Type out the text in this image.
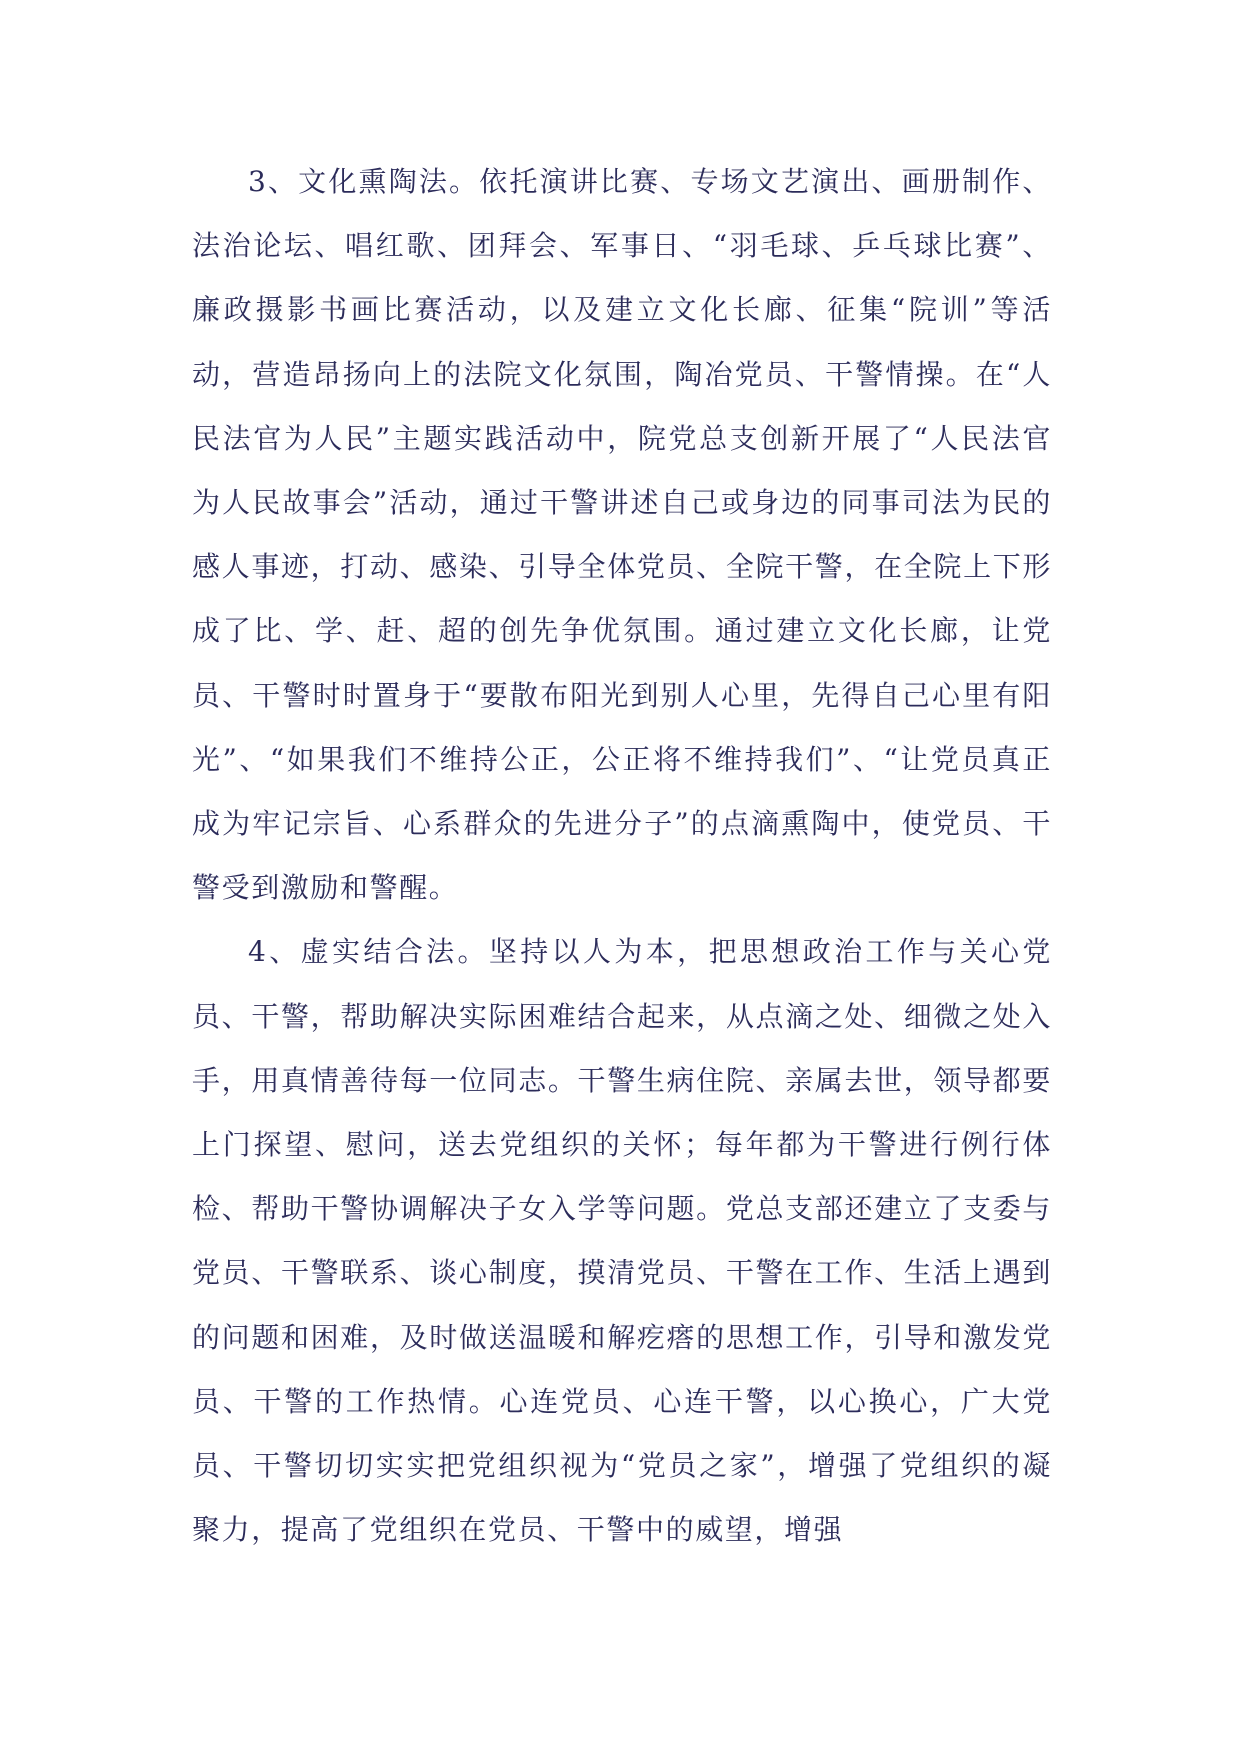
3、文化熏陶法。依托演讲比赛、专场文艺演出、画册制作、法治论坛、唱红歌、团拜会、军事日、“羽毛球、乒乓球比赛”、廉政摄影书画比赛活动，以及建立文化长廊、征集“院训”等活动，营造昂扬向上的法院文化氛围，陶冶党员、干警情操。在“人民法官为人民”主题实践活动中，院党总支创新开展了“人民法官为人民故事会”活动，通过干警讲述自己或身边的同事司法为民的感人事迹，打动、感染、引导全体党员、全院干警，在全院上下形成了比、学、赶、超的创先争优氛围。通过建立文化长廊，让党员、干警时时置身于“要散布阳光到别人心里，先得自己心里有阳光”、“如果我们不维持公正，公正将不维持我们”、“让党员真正成为牢记宗旨、心系群众的先进分子”的点滴熏陶中，使党员、干警受到激励和警醒。

4、虚实结合法。坚持以人为本，把思想政治工作与关心党员、干警，帮助解决实际困难结合起来，从点滴之处、细微之处入手，用真情善待每一位同志。干警生病住院、亲属去世，领导都要上门探望、慰问，送去党组织的关怀；每年都为干警进行例行体检、帮助干警协调解决子女入学等问题。党总支部还建立了支委与党员、干警联系、谈心制度，摸清党员、干警在工作、生活上遇到的问题和困难，及时做送温暖和解疙瘩的思想工作，引导和激发党员、干警的工作热情。心连党员、心连干警，以心换心，广大党员、干警切切实实把党组织视为“党员之家”，增强了党组织的凝聚力，提高了党组织在党员、干警中的威望，增强
